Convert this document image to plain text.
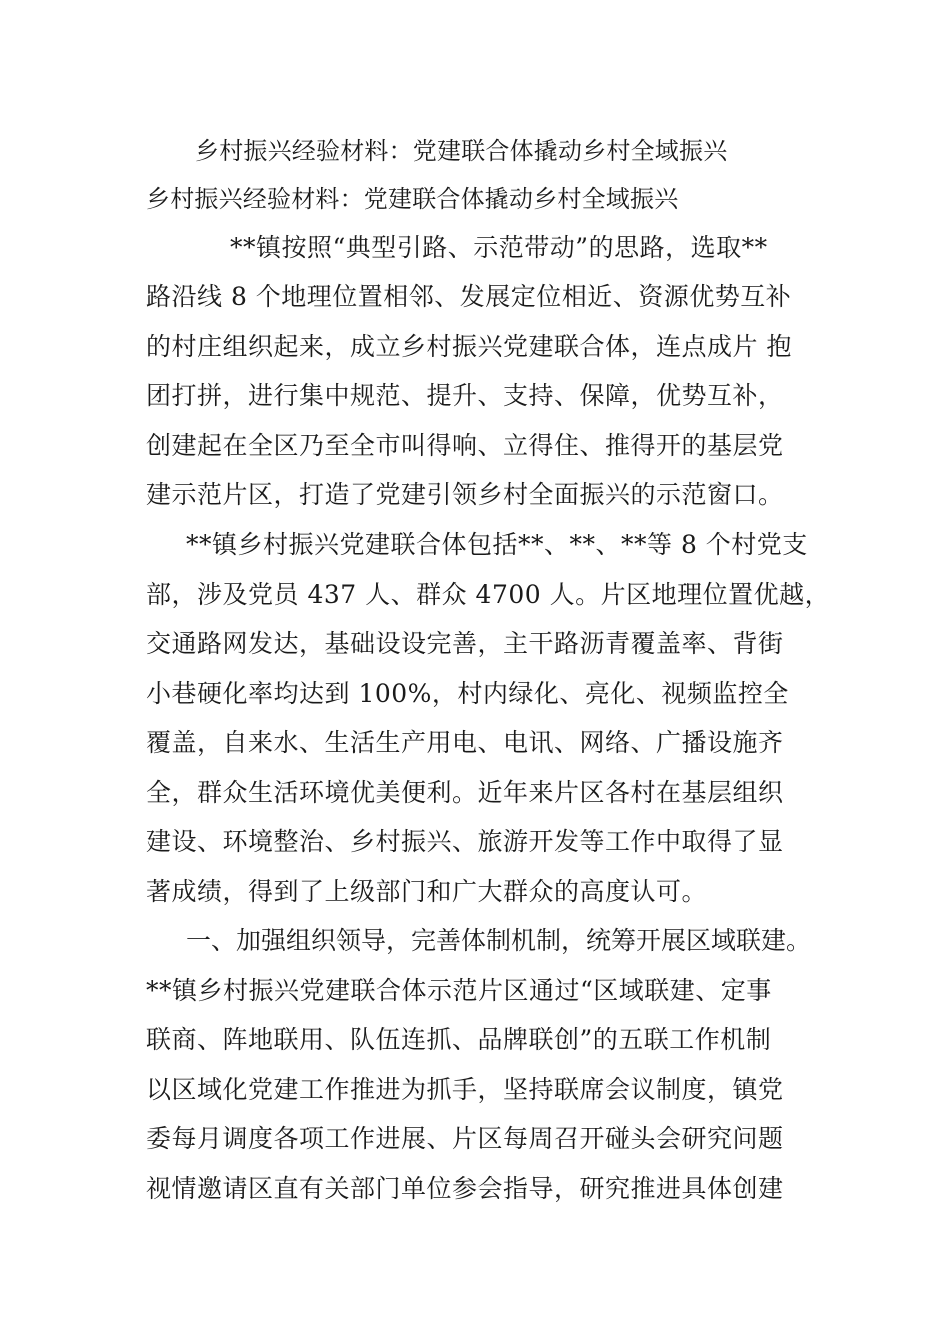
乡村振兴经验材料：党建联合体撬动乡村全域振兴
乡村振兴经验材料：党建联合体撬动乡村全域振兴
**镇按照“典型引路、示范带动”的思路，选取**
路沿线 8 个地理位置相邻、发展定位相近、资源优势互补
的村庄组织起来，成立乡村振兴党建联合体，连点成片 抱
团打拼，进行集中规范、提升、支持、保障，优势互补，
创建起在全区乃至全市叫得响、立得住、推得开的基层党
建示范片区，打造了党建引领乡村全面振兴的示范窗口。
**镇乡村振兴党建联合体包括**、**、**等 8 个村党支
部，涉及党员 437 人、群众 4700 人。片区地理位置优越，
交通路网发达，基础设设完善，主干路沥青覆盖率、背街
小巷硬化率均达到 100%，村内绿化、亮化、视频监控全
覆盖，自来水、生活生产用电、电讯、网络、广播设施齐
全，群众生活环境优美便利。近年来片区各村在基层组织
建设、环境整治、乡村振兴、旅游开发等工作中取得了显
著成绩，得到了上级部门和广大群众的高度认可。
一、加强组织领导，完善体制机制，统筹开展区域联建。
**镇乡村振兴党建联合体示范片区通过“区域联建、定事
联商、阵地联用、队伍连抓、品牌联创”的五联工作机制
以区域化党建工作推进为抓手，坚持联席会议制度，镇党
委每月调度各项工作进展、片区每周召开碰头会研究问题
视情邀请区直有关部门单位参会指导，研究推进具体创建
